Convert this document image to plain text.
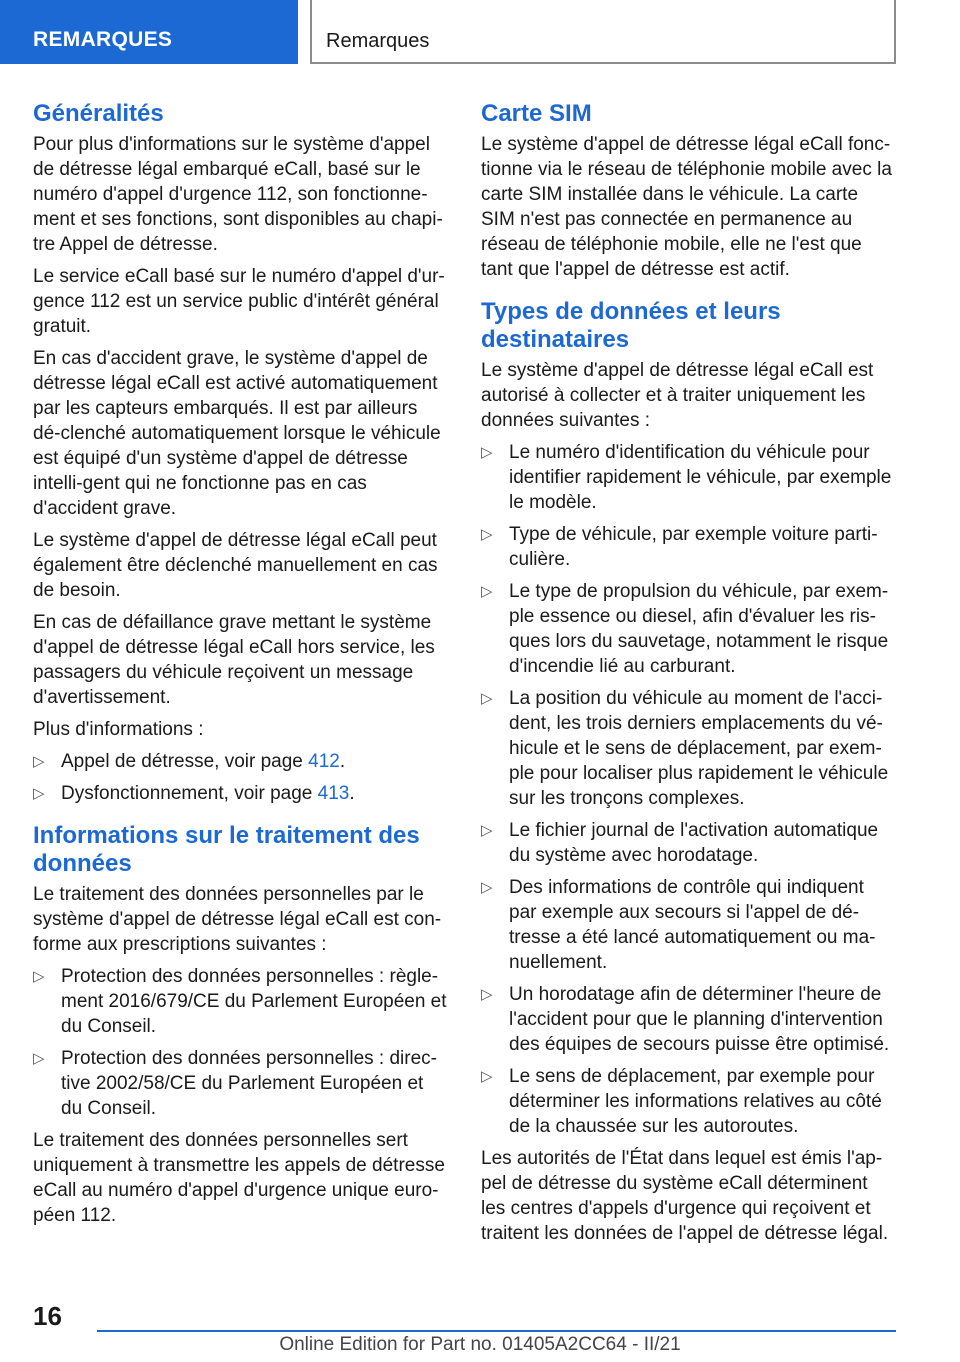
REMARQUES	Remarques
Généralités

Pour plus d'informations sur le système d'appel de détresse légal embarqué eCall, basé sur le numéro d'appel d'urgence 112, son fonctionne-ment et ses fonctions, sont disponibles au chapi-tre Appel de détresse.

Le service eCall basé sur le numéro d'appel d'ur-gence 112 est un service public d'intérêt général gratuit.

En cas d'accident grave, le système d'appel de détresse légal eCall est activé automatiquement par les capteurs embarqués. Il est par ailleurs dé-clenché automatiquement lorsque le véhicule est équipé d'un système d'appel de détresse intelli-gent qui ne fonctionne pas en cas d'accident grave.

Le système d'appel de détresse légal eCall peut également être déclenché manuellement en cas de besoin.

En cas de défaillance grave mettant le système d'appel de détresse légal eCall hors service, les passagers du véhicule reçoivent un message d'avertissement.

Plus d'informations :

▷ Appel de détresse, voir page 412.
▷ Dysfonctionnement, voir page 413.
Informations sur le traitement des données

Le traitement des données personnelles par le système d'appel de détresse légal eCall est con-forme aux prescriptions suivantes :

▷ Protection des données personnelles : règle-ment 2016/679/CE du Parlement Européen et du Conseil.
▷ Protection des données personnelles : direc-tive 2002/58/CE du Parlement Européen et du Conseil.

Le traitement des données personnelles sert uniquement à transmettre les appels de détresse eCall au numéro d'appel d'urgence unique euro-péen 112.

Carte SIM

Le système d'appel de détresse légal eCall fonc-tionne via le réseau de téléphonie mobile avec la carte SIM installée dans le véhicule. La carte SIM n'est pas connectée en permanence au réseau de téléphonie mobile, elle ne l'est que tant que l'appel de détresse est actif.

Types de données et leurs destinataires

Le système d'appel de détresse légal eCall est autorisé à collecter et à traiter uniquement les données suivantes :

▷ Le numéro d'identification du véhicule pour identifier rapidement le véhicule, par exemple le modèle.
▷ Type de véhicule, par exemple voiture parti-culière.
▷ Le type de propulsion du véhicule, par exem-ple essence ou diesel, afin d'évaluer les ris-ques lors du sauvetage, notamment le risque d'incendie lié au carburant.
▷ La position du véhicule au moment de l'acci-dent, les trois derniers emplacements du vé-hicule et le sens de déplacement, par exem-ple pour localiser plus rapidement le véhicule sur les tronçons complexes.
▷ Le fichier journal de l'activation automatique du système avec horodatage.
▷ Des informations de contrôle qui indiquent par exemple aux secours si l'appel de dé-tresse a été lancé automatiquement ou ma-nuellement.
▷ Un horodatage afin de déterminer l'heure de l'accident pour que le planning d'intervention des équipes de secours puisse être optimisé.
▷ Le sens de déplacement, par exemple pour déterminer les informations relatives au côté de la chaussée sur les autoroutes.

Les autorités de l'État dans lequel est émis l'ap-pel de détresse du système eCall déterminent les centres d'appels d'urgence qui reçoivent et traitent les données de l'appel de détresse légal.

16
Online Edition for Part no. 01405A2CC64 - II/21
